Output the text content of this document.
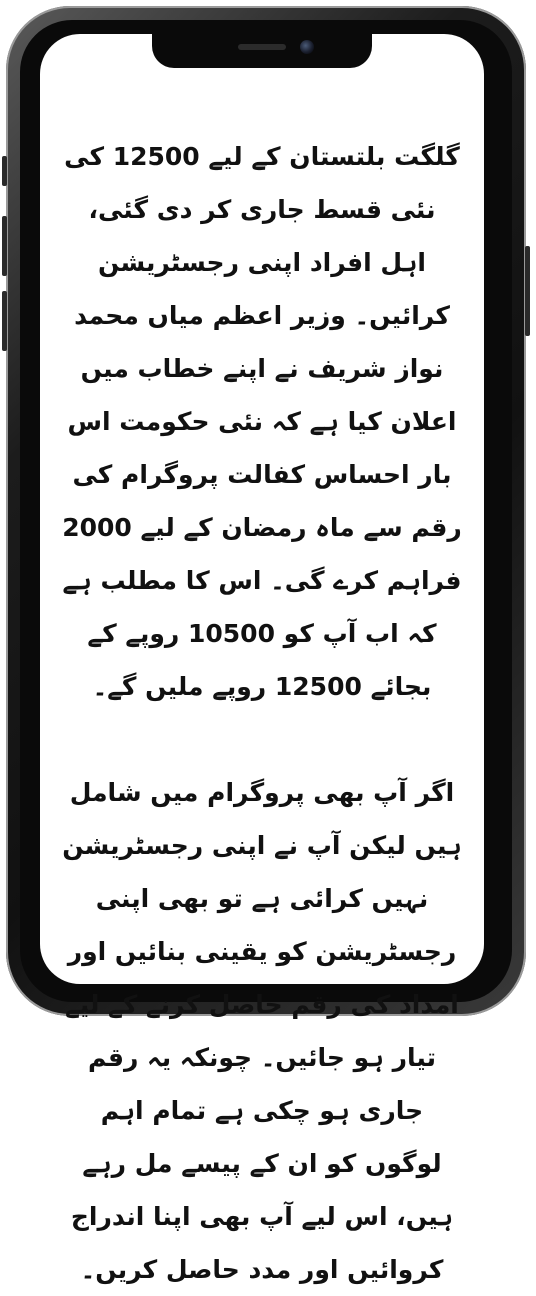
گلگت بلتستان کے لیے 12500 کی نئی قسط جاری کر دی گئی، اہل افراد اپنی رجسٹریشن کرائیں۔ وزیر اعظم میاں محمد نواز شریف نے اپنے خطاب میں اعلان کیا ہے کہ نئی حکومت اس بار احساس کفالت پروگرام کی رقم سے ماہ رمضان کے لیے 2000 فراہم کرے گی۔ اس کا مطلب ہے کہ اب آپ کو 10500 روپے کے بجائے 12500 روپے ملیں گے۔

اگر آپ بھی پروگرام میں شامل ہیں لیکن آپ نے اپنی رجسٹریشن نہیں کرائی ہے تو بھی اپنی رجسٹریشن کو یقینی بنائیں اور امداد کی رقم حاصل کرنے کے لیے تیار ہو جائیں۔ چونکہ یہ رقم جاری ہو چکی ہے تمام اہم لوگوں کو ان کے پیسے مل رہے ہیں، اس لیے آپ بھی اپنا اندراج کروائیں اور مدد حاصل کریں۔
